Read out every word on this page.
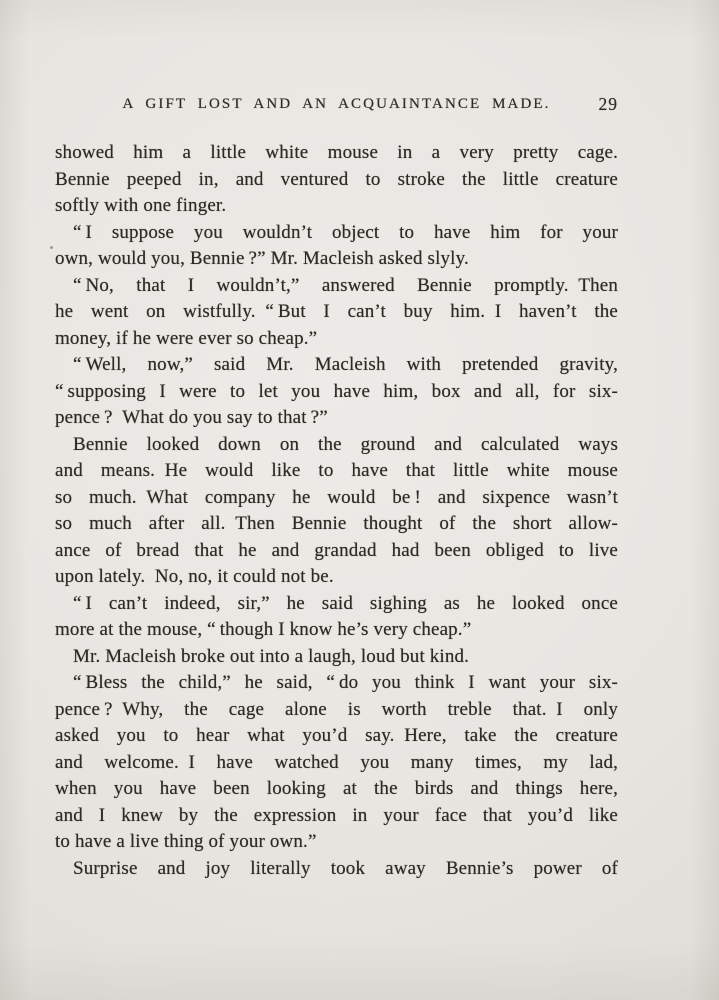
A GIFT LOST AND AN ACQUAINTANCE MADE.	29
showed him a little white mouse in a very pretty cage.
Bennie peeped in, and ventured to stroke the little creature
softly with one finger.
“ I suppose you wouldn’t object to have him for your
own, would you, Bennie ?” Mr. Macleish asked slyly.
“ No, that I wouldn’t,” answered Bennie promptly. Then
he went on wistfully. “ But I can’t buy him. I haven’t the
money, if he were ever so cheap.”
“ Well, now,” said Mr. Macleish with pretended gravity,
“ supposing I were to let you have him, box and all, for six-
pence ? What do you say to that ?”
Bennie looked down on the ground and calculated ways
and means. He would like to have that little white mouse
so much. What company he would be ! and sixpence wasn’t
so much after all. Then Bennie thought of the short allow-
ance of bread that he and grandad had been obliged to live
upon lately. No, no, it could not be.
“ I can’t indeed, sir,” he said sighing as he looked once
more at the mouse, “ though I know he’s very cheap.”
Mr. Macleish broke out into a laugh, loud but kind.
“ Bless the child,” he said, “ do you think I want your six-
pence ? Why, the cage alone is worth treble that. I only
asked you to hear what you’d say. Here, take the creature
and welcome. I have watched you many times, my lad,
when you have been looking at the birds and things here,
and I knew by the expression in your face that you’d like
to have a live thing of your own.”
Surprise and joy literally took away Bennie’s power of
